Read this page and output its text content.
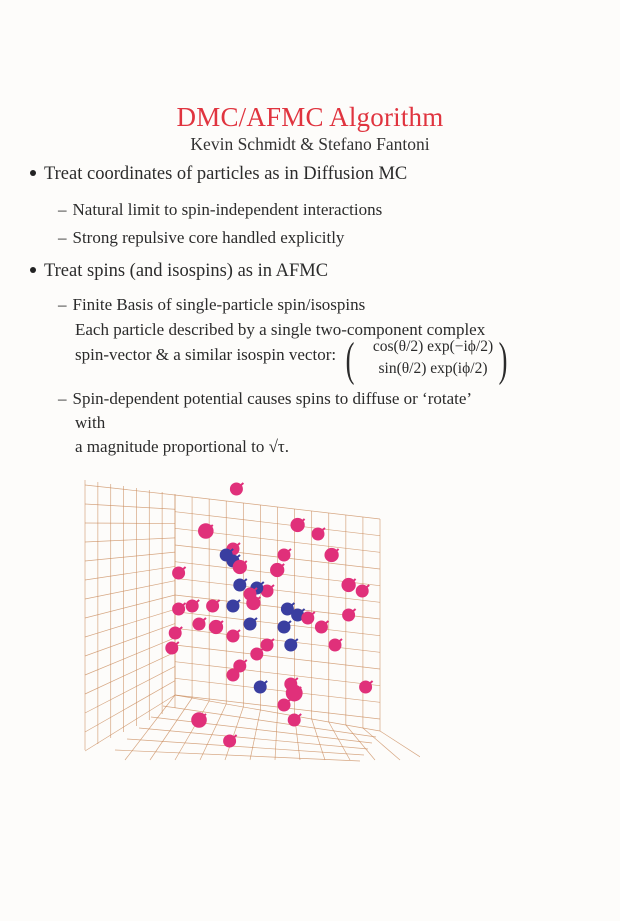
DMC/AFMC Algorithm
Kevin Schmidt & Stefano Fantoni
Treat coordinates of particles as in Diffusion MC
– Natural limit to spin-independent interactions
– Strong repulsive core handled explicitly
Treat spins (and isospins) as in AFMC
– Finite Basis of single-particle spin/isospins
Each particle described by a single two-component complex
spin-vector & a similar isospin vector: (	cos(θ/2) exp(−iϕ/2)
sin(θ/2) exp(iϕ/2) )
– Spin-dependent potential causes spins to diffuse or ‘rotate’
with
a magnitude proportional to √τ.
